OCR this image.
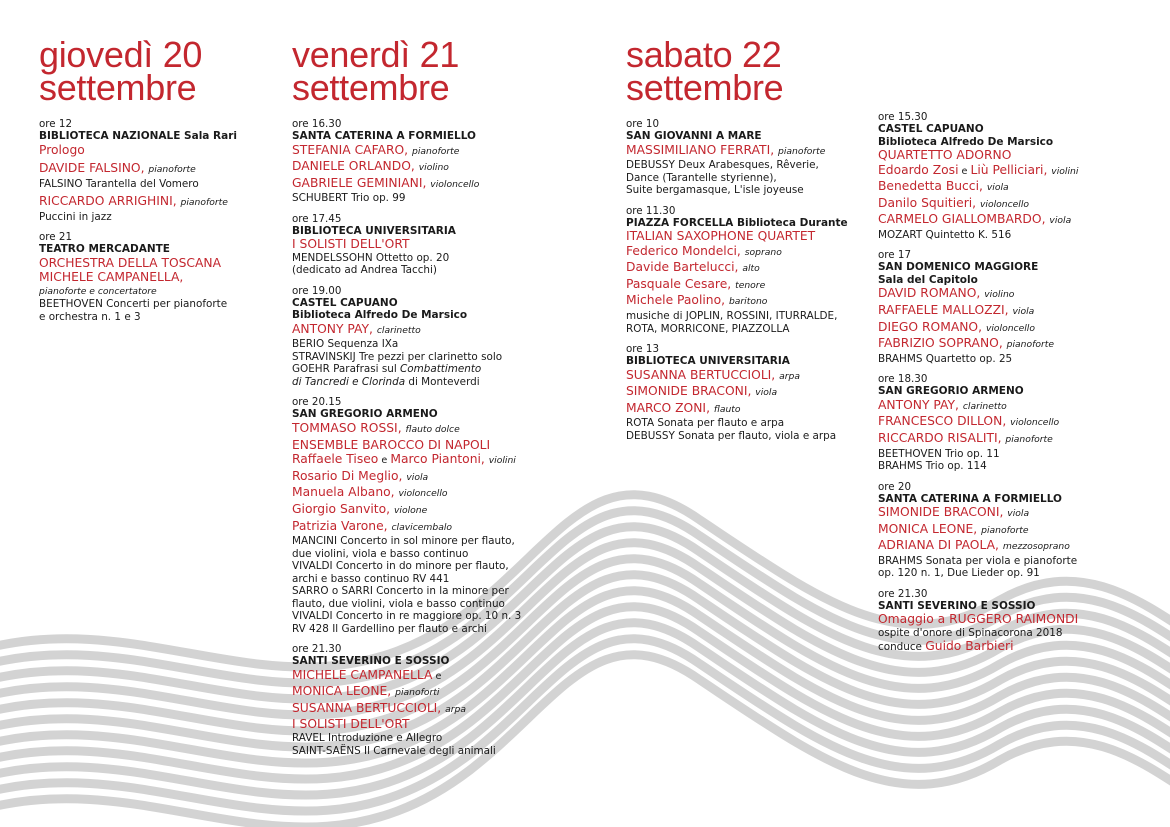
giovedì 20
settembre
ore 12
BIBLIOTECA NAZIONALE Sala Rari
Prologo
DAVIDE FALSINO, pianoforte
FALSINO Tarantella del Vomero
RICCARDO ARRIGHINI, pianoforte
Puccini in jazz
ore 21
TEATRO MERCADANTE
ORCHESTRA DELLA TOSCANA
MICHELE CAMPANELLA,
pianoforte e concertatore
BEETHOVEN Concerti per pianoforte
e orchestra n. 1 e 3
venerdì 21
settembre
ore 16.30
SANTA CATERINA A FORMIELLO
STEFANIA CAFARO, pianoforte
DANIELE ORLANDO, violino
GABRIELE GEMINIANI, violoncello
SCHUBERT Trio op. 99
ore 17.45
BIBLIOTECA UNIVERSITARIA
I SOLISTI DELL'ORT
MENDELSSOHN Ottetto op. 20
(dedicato ad Andrea Tacchi)
ore 19.00
CASTEL CAPUANO
Biblioteca Alfredo De Marsico
ANTONY PAY, clarinetto
BERIO Sequenza IXa
STRAVINSKIJ Tre pezzi per clarinetto solo
GOEHR Parafrasi sul Combattimento
di Tancredi e Clorinda di Monteverdi
ore 20.15
SAN GREGORIO ARMENO
TOMMASO ROSSI, flauto dolce
ENSEMBLE BAROCCO DI NAPOLI
Raffaele Tiseo e Marco Piantoni, violini
Rosario Di Meglio, viola
Manuela Albano, violoncello
Giorgio Sanvito, violone
Patrizia Varone, clavicembalo
MANCINI Concerto in sol minore per flauto,
due violini, viola e basso continuo
VIVALDI Concerto in do minore per flauto,
archi e basso continuo RV 441
SARRO o SARRI Concerto in la minore per
flauto, due violini, viola e basso continuo
VIVALDI Concerto in re maggiore op. 10 n. 3
RV 428 Il Gardellino per flauto e archi
ore 21.30
SANTI SEVERINO E SOSSIO
MICHELE CAMPANELLA e
MONICA LEONE, pianoforti
SUSANNA BERTUCCIOLI, arpa
I SOLISTI DELL'ORT
RAVEL Introduzione e Allegro
SAINT-SAËNS Il Carnevale degli animali
sabato 22
settembre
ore 10
SAN GIOVANNI A MARE
MASSIMILIANO FERRATI, pianoforte
DEBUSSY Deux Arabesques, Rêverie,
Dance (Tarantelle styrienne),
Suite bergamasque, L'isle joyeuse
ore 11.30
PIAZZA FORCELLA Biblioteca Durante
ITALIAN SAXOPHONE QUARTET
Federico Mondelci, soprano
Davide Bartelucci, alto
Pasquale Cesare, tenore
Michele Paolino, baritono
musiche di JOPLIN, ROSSINI, ITURRALDE,
ROTA, MORRICONE, PIAZZOLLA
ore 13
BIBLIOTECA UNIVERSITARIA
SUSANNA BERTUCCIOLI, arpa
SIMONIDE BRACONI, viola
MARCO ZONI, flauto
ROTA Sonata per flauto e arpa
DEBUSSY Sonata per flauto, viola e arpa
ore 15.30
CASTEL CAPUANO
Biblioteca Alfredo De Marsico
QUARTETTO ADORNO
Edoardo Zosi e Liù Pelliciari, violini
Benedetta Bucci, viola
Danilo Squitieri, violoncello
CARMELO GIALLOMBARDO, viola
MOZART Quintetto K. 516
ore 17
SAN DOMENICO MAGGIORE
Sala del Capitolo
DAVID ROMANO, violino
RAFFAELE MALLOZZI, viola
DIEGO ROMANO, violoncello
FABRIZIO SOPRANO, pianoforte
BRAHMS Quartetto op. 25
ore 18.30
SAN GREGORIO ARMENO
ANTONY PAY, clarinetto
FRANCESCO DILLON, violoncello
RICCARDO RISALITI, pianoforte
BEETHOVEN Trio op. 11
BRAHMS Trio op. 114
ore 20
SANTA CATERINA A FORMIELLO
SIMONIDE BRACONI, viola
MONICA LEONE, pianoforte
ADRIANA DI PAOLA, mezzosoprano
BRAHMS Sonata per viola e pianoforte
op. 120 n. 1, Due Lieder op. 91
ore 21.30
SANTI SEVERINO E SOSSIO
Omaggio a RUGGERO RAIMONDI
ospite d'onore di Spinacorona 2018
conduce Guido Barbieri
